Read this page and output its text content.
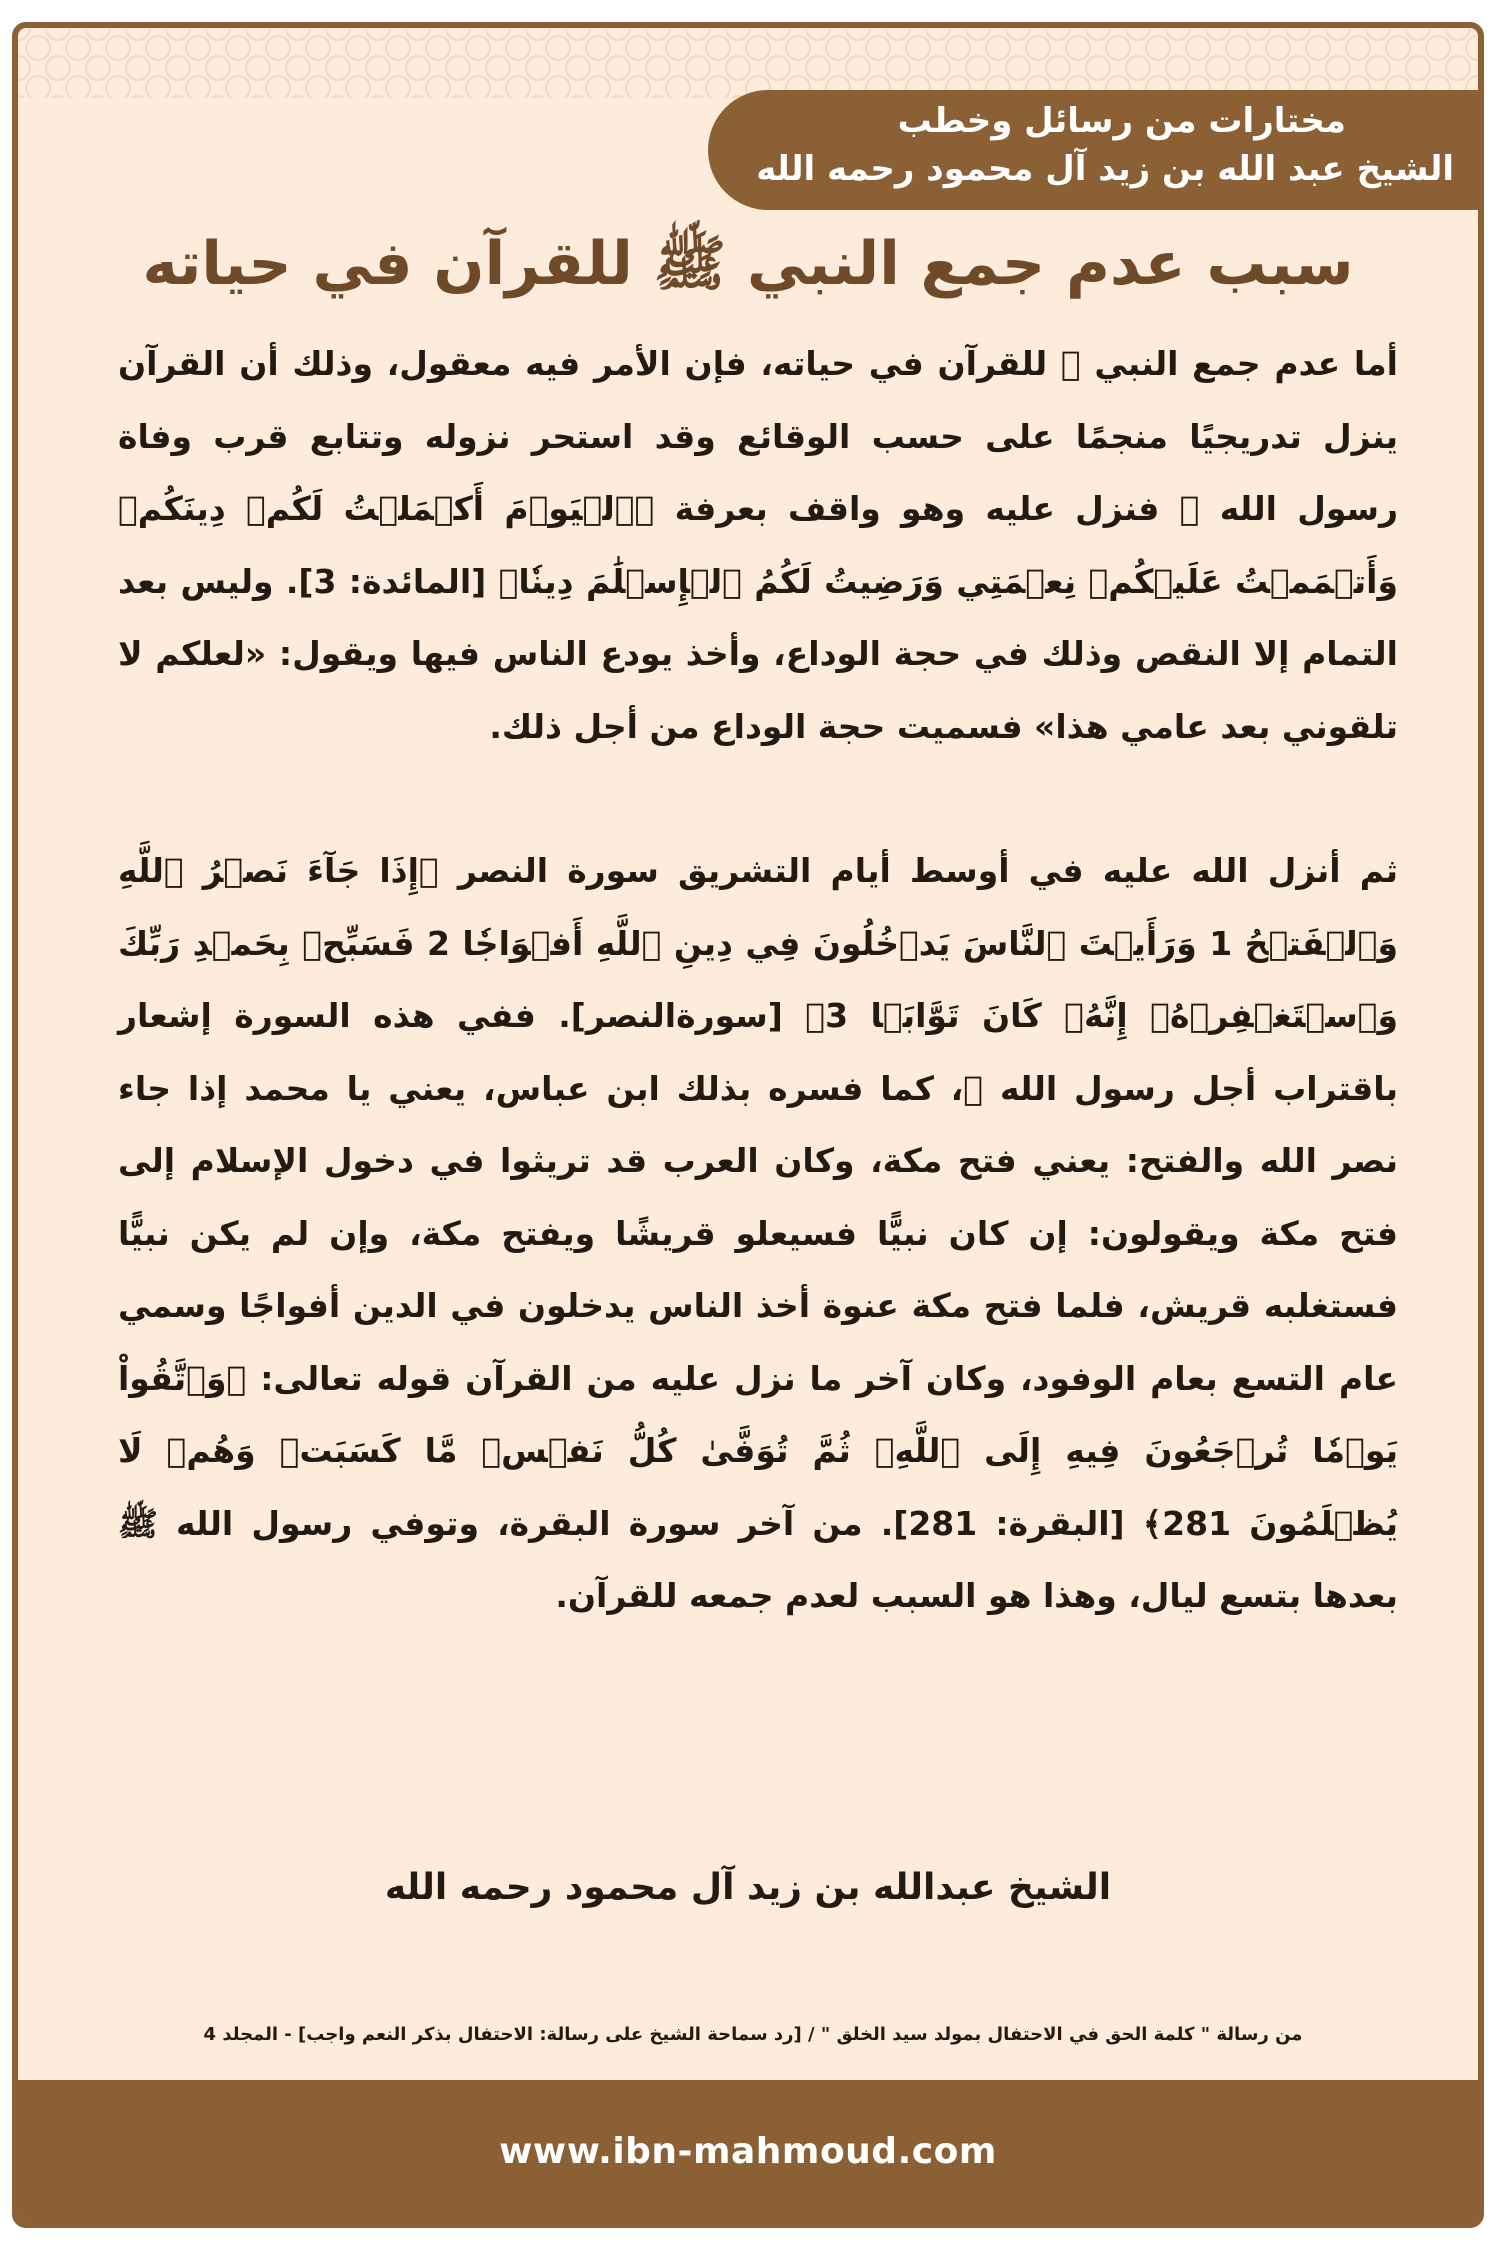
مختارات من رسائل وخطب
الشيخ عبد الله بن زيد آل محمود رحمه الله
سبب عدم جمع النبي ﷺ للقرآن في حياته

أما عدم جمع النبي ﷺ للقرآن في حياته، فإن الأمر فيه معقول، وذلك أن القرآن ينزل تدريجيًا منجمًا على حسب الوقائع وقد استحر نزوله وتتابع قرب وفاة رسول الله ﷺ فنزل عليه وهو واقف بعرفة ﴿ٱلۡيَوۡمَ أَكۡمَلۡتُ لَكُمۡ دِينَكُمۡ وَأَتۡمَمۡتُ عَلَيۡكُمۡ نِعۡمَتِي وَرَضِيتُ لَكُمُ ٱلۡإِسۡلَٰمَ دِينٗا﴾ [المائدة: 3]. وليس بعد التمام إلا النقص وذلك في حجة الوداع، وأخذ يودع الناس فيها ويقول: «لعلكم لا تلقوني بعد عامي هذا» فسميت حجة الوداع من أجل ذلك.

ثم أنزل الله عليه في أوسط أيام التشريق سورة النصر ﴿إِذَا جَآءَ نَصۡرُ ٱللَّهِ وَٱلۡفَتۡحُ 1 وَرَأَيۡتَ ٱلنَّاسَ يَدۡخُلُونَ فِي دِينِ ٱللَّهِ أَفۡوَاجٗا 2 فَسَبِّحۡ بِحَمۡدِ رَبِّكَ وَٱسۡتَغۡفِرۡهُۚ إِنَّهُۥ كَانَ تَوَّابَۢا 3﴾ [سورةالنصر]. ففي هذه السورة إشعار باقتراب أجل رسول الله ﷺ، كما فسره بذلك ابن عباس، يعني يا محمد إذا جاء نصر الله والفتح: يعني فتح مكة، وكان العرب قد تريثوا في دخول الإسلام إلى فتح مكة ويقولون: إن كان نبيًّا فسيعلو قريشًا ويفتح مكة، وإن لم يكن نبيًّا فستغلبه قريش، فلما فتح مكة عنوة أخذ الناس يدخلون في الدين أفواجًا وسمي عام التسع بعام الوفود، وكان آخر ما نزل عليه من القرآن قوله تعالى: ﴿وَٱتَّقُواْ يَوۡمٗا تُرۡجَعُونَ فِيهِ إِلَى ٱللَّهِۖ ثُمَّ تُوَفَّىٰ كُلُّ نَفۡسٖ مَّا كَسَبَتۡ وَهُمۡ لَا يُظۡلَمُونَ 281﴾ [البقرة: 281]. من آخر سورة البقرة، وتوفي رسول الله ﷺ بعدها بتسع ليال، وهذا هو السبب لعدم جمعه للقرآن.

الشيخ عبدالله بن زيد آل محمود رحمه الله
من رسالة " كلمة الحق في الاحتفال بمولد سيد الخلق " / [رد سماحة الشيخ على رسالة: الاحتفال بذكر النعم واجب] - المجلد 4
www.ibn-mahmoud.com
